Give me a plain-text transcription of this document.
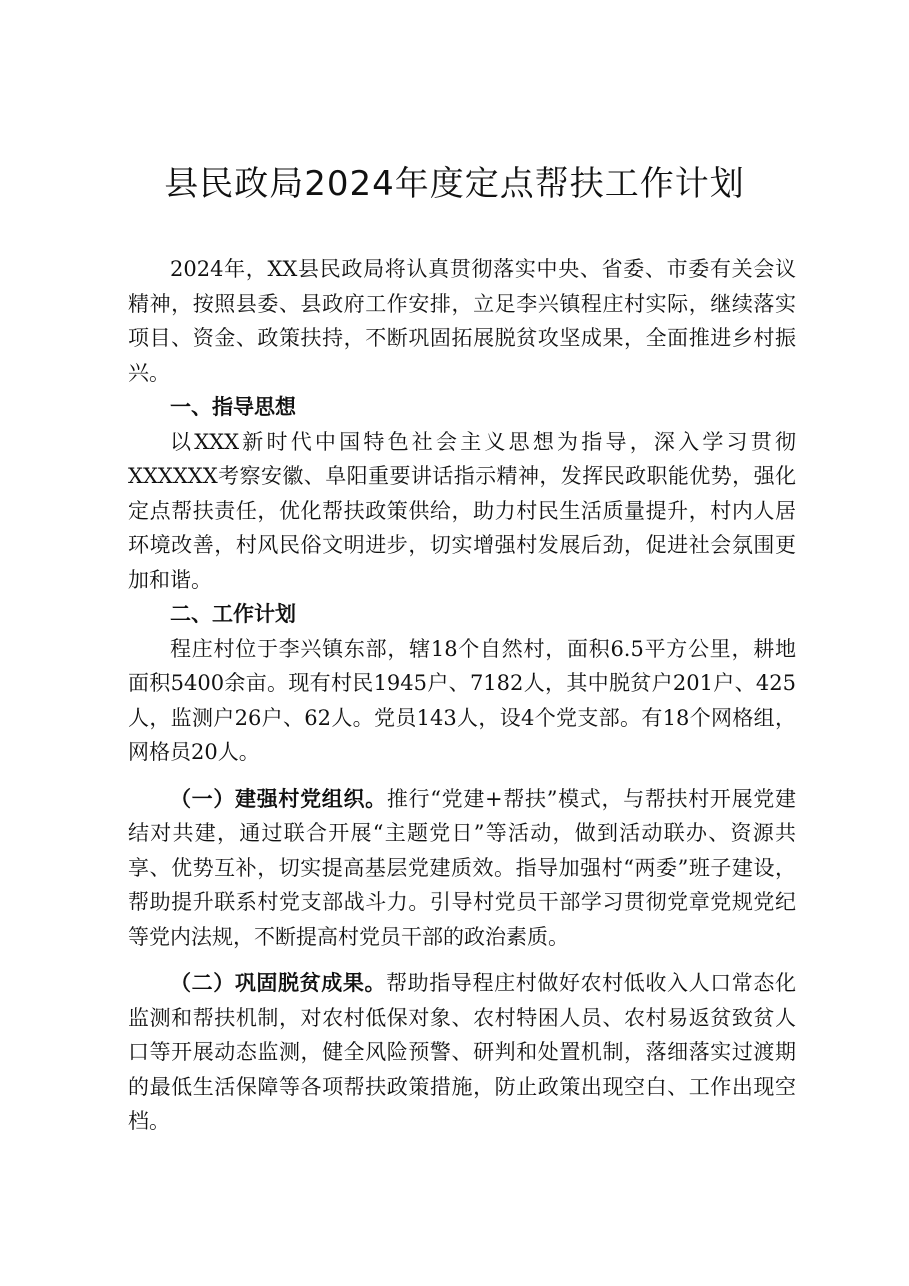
县民政局2024年度定点帮扶工作计划

2024年，XX县民政局将认真贯彻落实中央、省委、市委有关会议精神，按照县委、县政府工作安排，立足李兴镇程庄村实际，继续落实项目、资金、政策扶持，不断巩固拓展脱贫攻坚成果，全面推进乡村振兴。

一、指导思想

以XXX新时代中国特色社会主义思想为指导，深入学习贯彻XXXXXX考察安徽、阜阳重要讲话指示精神，发挥民政职能优势，强化定点帮扶责任，优化帮扶政策供给，助力村民生活质量提升，村内人居环境改善，村风民俗文明进步，切实增强村发展后劲，促进社会氛围更加和谐。

二、工作计划

程庄村位于李兴镇东部，辖18个自然村，面积6.5平方公里，耕地面积5400余亩。现有村民1945户、7182人，其中脱贫户201户、425人，监测户26户、62人。党员143人，设4个党支部。有18个网格组，网格员20人。

（一）建强村党组织。推行“党建+帮扶”模式，与帮扶村开展党建结对共建，通过联合开展“主题党日”等活动，做到活动联办、资源共享、优势互补，切实提高基层党建质效。指导加强村“两委”班子建设，帮助提升联系村党支部战斗力。引导村党员干部学习贯彻党章党规党纪等党内法规，不断提高村党员干部的政治素质。

（二）巩固脱贫成果。帮助指导程庄村做好农村低收入人口常态化监测和帮扶机制，对农村低保对象、农村特困人员、农村易返贫致贫人口等开展动态监测，健全风险预警、研判和处置机制，落细落实过渡期的最低生活保障等各项帮扶政策措施，防止政策出现空白、工作出现空档。
